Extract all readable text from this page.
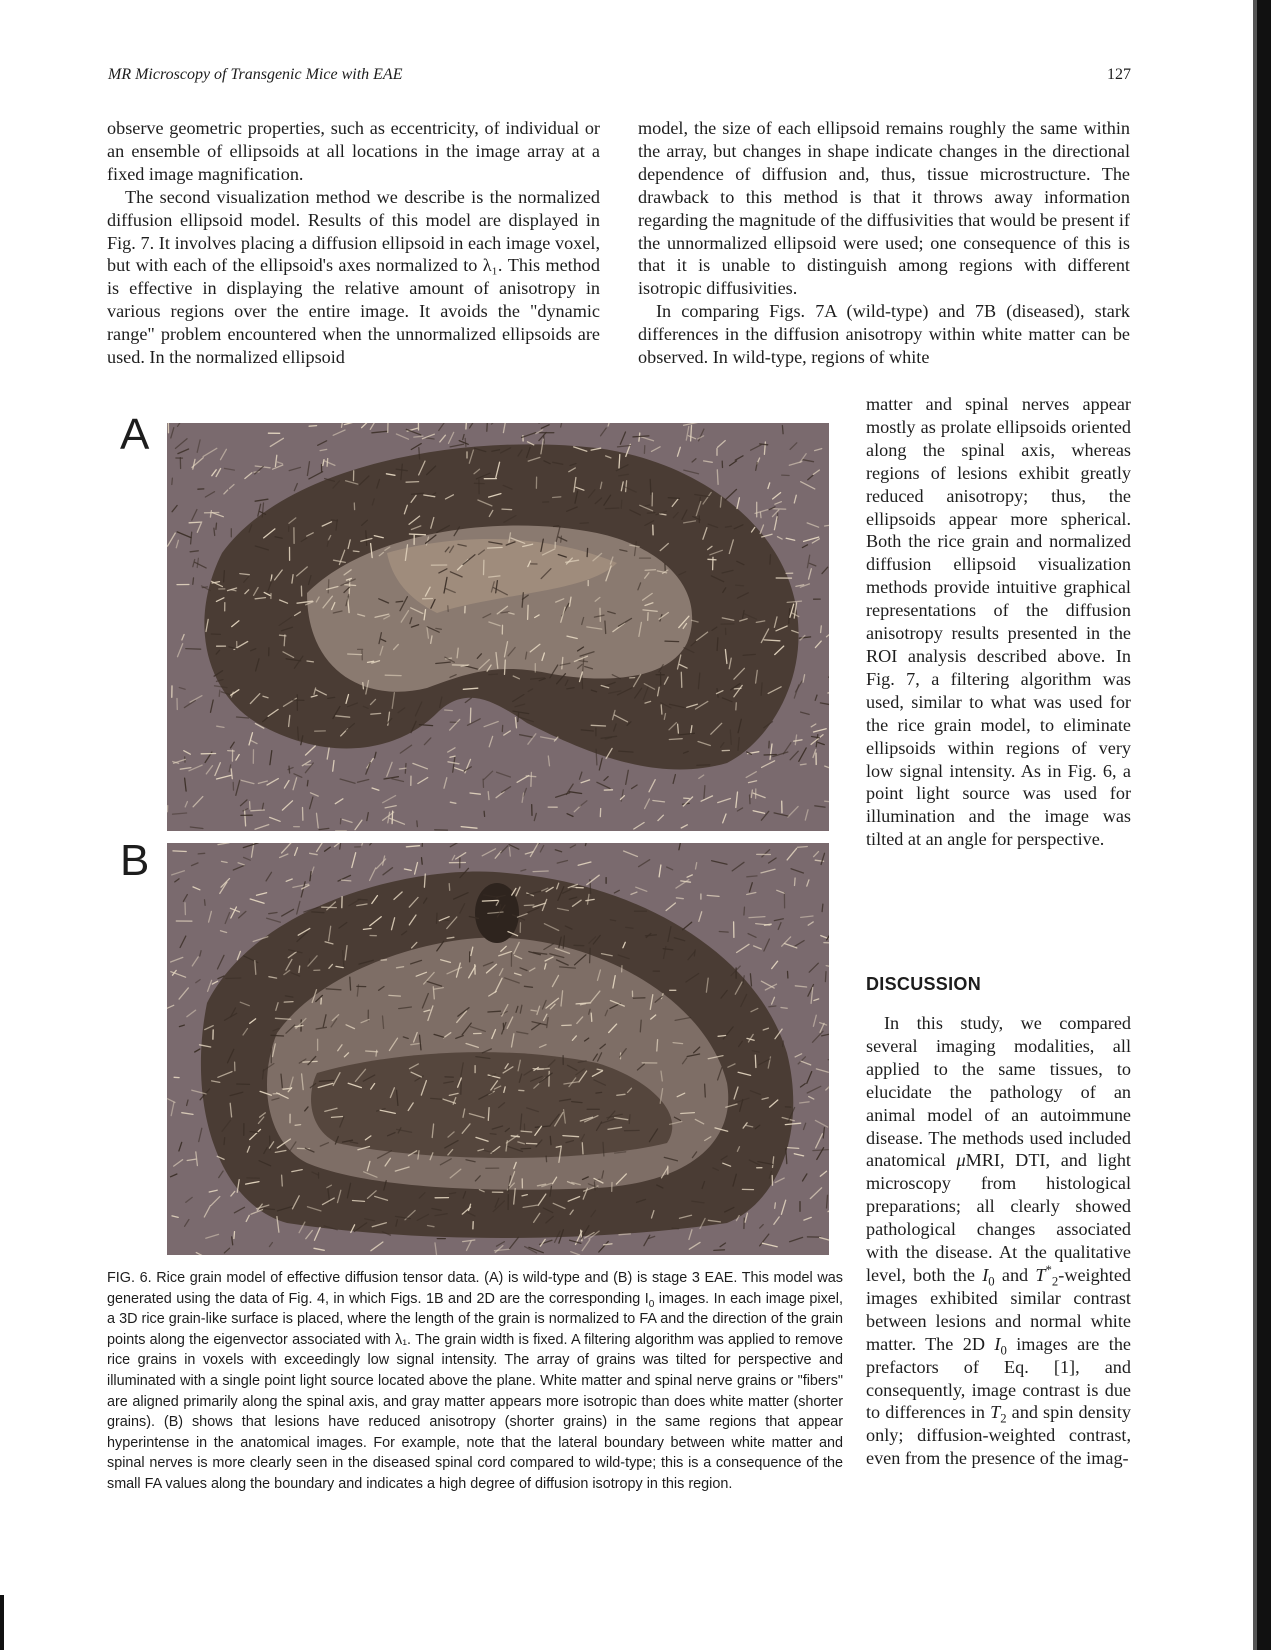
MR Microscopy of Transgenic Mice with EAE	127

observe geometric properties, such as eccentricity, of individual or an ensemble of ellipsoids at all locations in the image array at a fixed image magnification.

The second visualization method we describe is the normalized diffusion ellipsoid model. Results of this model are displayed in Fig. 7. It involves placing a diffusion ellipsoid in each image voxel, but with each of the ellipsoid's axes normalized to λ₁. This method is effective in displaying the relative amount of anisotropy in various regions over the entire image. It avoids the "dynamic range" problem encountered when the unnormalized ellipsoids are used. In the normalized ellipsoid

model, the size of each ellipsoid remains roughly the same within the array, but changes in shape indicate changes in the directional dependence of diffusion and, thus, tissue microstructure. The drawback to this method is that it throws away information regarding the magnitude of the diffusivities that would be present if the unnormalized ellipsoid were used; one consequence of this is that it is unable to distinguish among regions with different isotropic diffusivities.

In comparing Figs. 7A (wild-type) and 7B (diseased), stark differences in the diffusion anisotropy within white matter can be observed. In wild-type, regions of white

matter and spinal nerves appear mostly as prolate ellipsoids oriented along the spinal axis, whereas regions of lesions exhibit greatly reduced anisotropy; thus, the ellipsoids appear more spherical. Both the rice grain and normalized diffusion ellipsoid visualization methods provide intuitive graphical representations of the diffusion anisotropy results presented in the ROI analysis described above. In Fig. 7, a filtering algorithm was used, similar to what was used for the rice grain model, to eliminate ellipsoids within regions of very low signal intensity. As in Fig. 6, a point light source was used for illumination and the image was tilted at an angle for perspective.

DISCUSSION

In this study, we compared several imaging modalities, all applied to the same tissues, to elucidate the pathology of an animal model of an autoimmune disease. The methods used included anatomical μMRI, DTI, and light microscopy from histological preparations; all clearly showed pathological changes associated with the disease. At the qualitative level, both the $I_0$ and $T^*_2$-weighted images exhibited similar contrast between lesions and normal white matter. The 2D $I_0$ images are the prefactors of Eq. [1], and consequently, image contrast is due to differences in $T_2$ and spin density only; diffusion-weighted contrast, even from the presence of the imag-

A
B

FIG. 6. Rice grain model of effective diffusion tensor data. (A) is wild-type and (B) is stage 3 EAE. This model was generated using the data of Fig. 4, in which Figs. 1B and 2D are the corresponding $I_0$ images. In each image pixel, a 3D rice grain-like surface is placed, where the length of the grain is normalized to FA and the direction of the grain points along the eigenvector associated with λ₁. The grain width is fixed. A filtering algorithm was applied to remove rice grains in voxels with exceedingly low signal intensity. The array of grains was tilted for perspective and illuminated with a single point light source located above the plane. White matter and spinal nerve grains or "fibers" are aligned primarily along the spinal axis, and gray matter appears more isotropic than does white matter (shorter grains). (B) shows that lesions have reduced anisotropy (shorter grains) in the same regions that appear hyperintense in the anatomical images. For example, note that the lateral boundary between white matter and spinal nerves is more clearly seen in the diseased spinal cord compared to wild-type; this is a consequence of the small FA values along the boundary and indicates a high degree of diffusion isotropy in this region.
